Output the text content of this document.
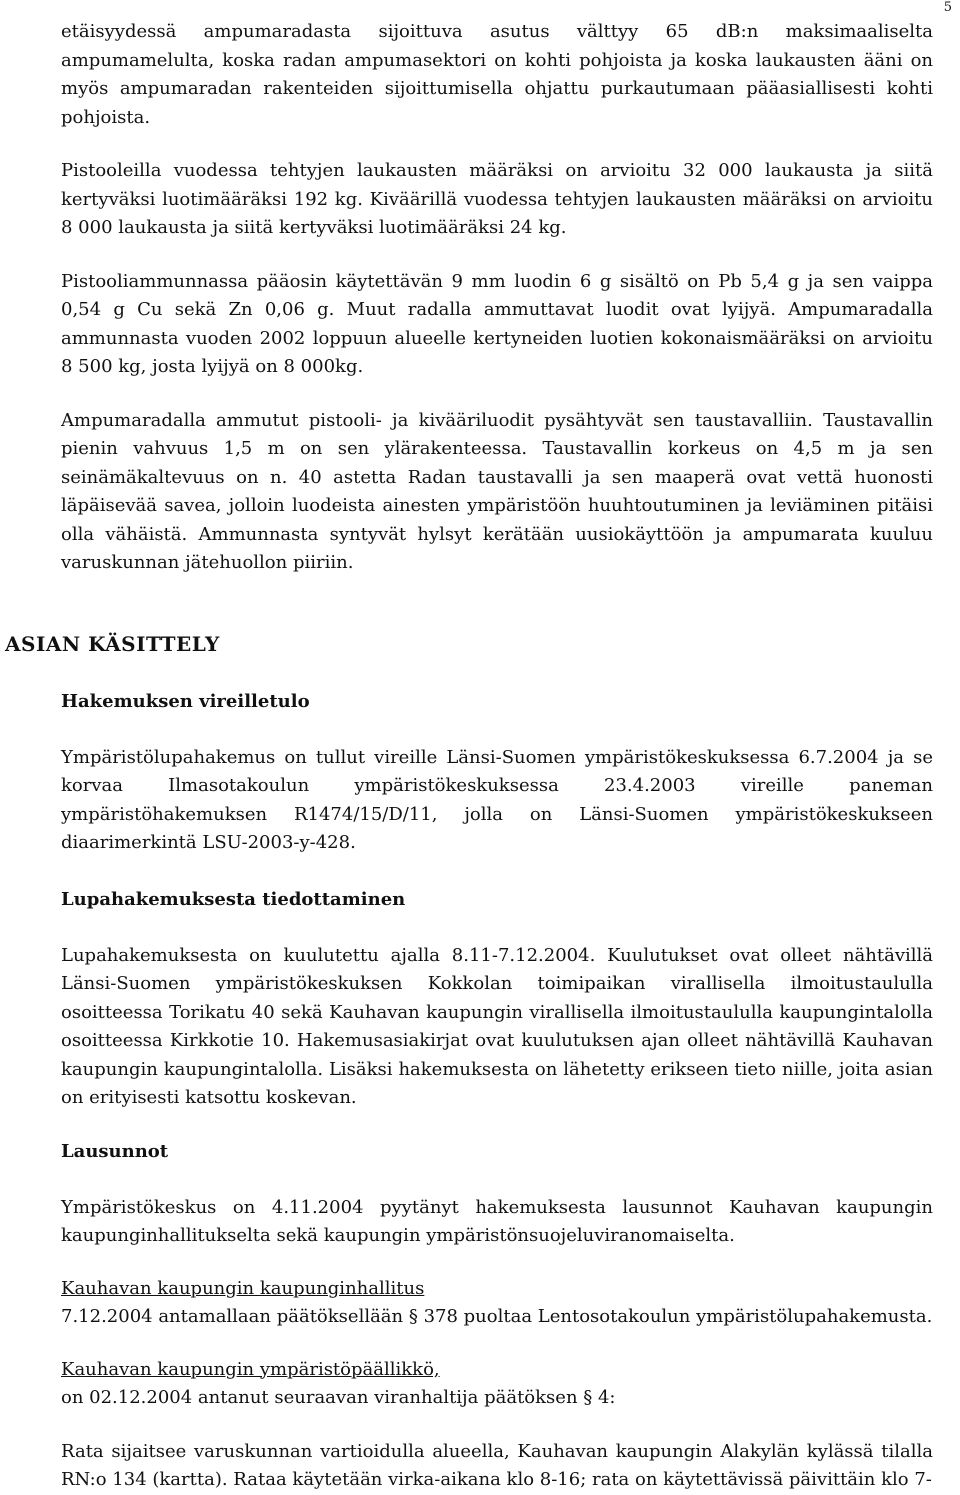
5

etäisyydessä ampumaradasta sijoittuva asutus välttyy 65 dB:n maksimaaliselta ampumamelulta, koska radan ampumasektori on kohti pohjoista ja koska laukausten ääni on myös ampumaradan rakenteiden sijoittumisella ohjattu purkautumaan pääasiallisesti kohti pohjoista.

Pistooleilla vuodessa tehtyjen laukausten määräksi on arvioitu 32 000 laukausta ja siitä kertyväksi luotimääräksi 192 kg. Kiväärillä vuodessa tehtyjen laukausten määräksi on arvioitu 8 000 laukausta ja siitä kertyväksi luotimääräksi 24 kg.

Pistooliammunnassa pääosin käytettävän 9 mm luodin 6 g sisältö on Pb 5,4 g ja sen vaippa 0,54 g Cu sekä Zn 0,06 g. Muut radalla ammuttavat luodit ovat lyijyä. Ampumaradalla ammunnasta vuoden 2002 loppuun alueelle kertyneiden luotien kokonaismääräksi on arvioitu 8 500 kg, josta lyijyä on 8 000kg.

Ampumaradalla ammutut pistooli- ja kivääriluodit pysähtyvät sen taustavalliin. Taustavallin pienin vahvuus 1,5 m on sen ylärakenteessa. Taustavallin korkeus on 4,5 m ja sen seinämäkaltevuus on n. 40 astetta Radan taustavalli ja sen maaperä ovat vettä huonosti läpäisevää savea, jolloin luodeista ainesten ympäristöön huuhtoutuminen ja leviäminen pitäisi olla vähäistä. Ammunnasta syntyvät hylsyt kerätään uusiokäyttöön ja ampumarata kuuluu varuskunnan jätehuollon piiriin.

ASIAN KÄSITTELY
Hakemuksen vireilletulo

Ympäristölupahakemus on tullut vireille Länsi-Suomen ympäristökeskuksessa 6.7.2004 ja se korvaa Ilmasotakoulun ympäristökeskuksessa 23.4.2003 vireille paneman ympäristöhakemuksen R1474/15/D/11, jolla on Länsi-Suomen ympäristökeskukseen diaarimerkintä LSU-2003-y-428.

Lupahakemuksesta tiedottaminen

Lupahakemuksesta on kuulutettu ajalla 8.11-7.12.2004. Kuulutukset ovat olleet nähtävillä Länsi-Suomen ympäristökeskuksen Kokkolan toimipaikan virallisella ilmoitustaululla osoitteessa Torikatu 40 sekä Kauhavan kaupungin virallisella ilmoitustaululla kaupungintalolla osoitteessa Kirkkotie 10. Hakemusasiakirjat ovat kuulutuksen ajan olleet nähtävillä Kauhavan kaupungin kaupungintalolla. Lisäksi hakemuksesta on lähetetty erikseen tieto niille, joita asian on erityisesti katsottu koskevan.

Lausunnot

Ympäristökeskus on 4.11.2004 pyytänyt hakemuksesta lausunnot Kauhavan kaupungin kaupunginhallitukselta sekä kaupungin ympäristönsuojeluviranomaiselta.

Kauhavan kaupungin kaupunginhallitus

7.12.2004 antamallaan päätöksellään § 378 puoltaa Lentosotakoulun ympäristölupahakemusta.

Kauhavan kaupungin ympäristöpäällikkö,

on 02.12.2004 antanut seuraavan viranhaltija päätöksen § 4:

Rata sijaitsee varuskunnan vartioidulla alueella, Kauhavan kaupungin Alakylän kylässä tilalla RN:o 134 (kartta). Rataa käytetään virka-aikana klo 8-16; rata on käytettävissä päivittäin klo 7-
